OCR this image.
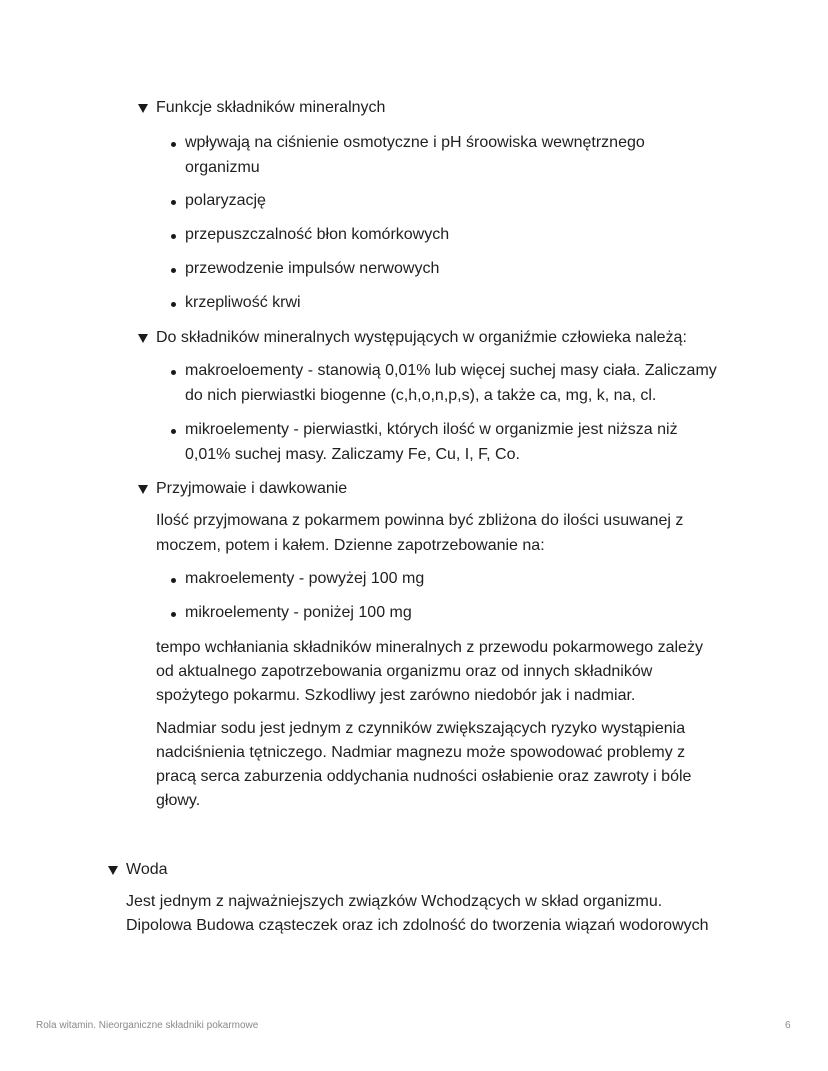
Funkcje składników mineralnych
wpływają na ciśnienie osmotyczne i pH śroowiska wewnętrznego
organizmu
polaryzację
przepuszczalność błon komórkowych
przewodzenie impulsów nerwowych
krzepliwość krwi
Do składników mineralnych występujących w organiźmie człowieka należą:
makroeloementy - stanowią 0,01% lub więcej suchej masy ciała. Zaliczamy
do nich pierwiastki biogenne (c,h,o,n,p,s), a także ca, mg, k, na, cl.
mikroelementy - pierwiastki, których ilość w organizmie jest niższa niż
0,01% suchej masy. Zaliczamy Fe, Cu, I, F, Co.
Przyjmowaie i dawkowanie
Ilość przyjmowana z pokarmem powinna być zbliżona do ilości usuwanej z
moczem, potem i kałem. Dzienne zapotrzebowanie na:
makroelementy - powyżej 100 mg
mikroelementy - poniżej 100 mg
tempo wchłaniania składników mineralnych z przewodu pokarmowego zależy
od aktualnego zapotrzebowania organizmu oraz od innych składników
spożytego pokarmu. Szkodliwy jest zarówno niedobór jak i nadmiar.
Nadmiar sodu jest jednym z czynników zwiększających ryzyko wystąpienia
nadciśnienia tętniczego. Nadmiar magnezu może spowodować problemy z
pracą serca zaburzenia oddychania nudności osłabienie oraz zawroty i bóle
głowy.
Woda
Jest jednym z najważniejszych związków Wchodzących w skład organizmu.
Dipolowa Budowa cząsteczek oraz ich zdolność do tworzenia wiązań wodorowych
Rola witamin. Nieorganiczne składniki pokarmowe	6
